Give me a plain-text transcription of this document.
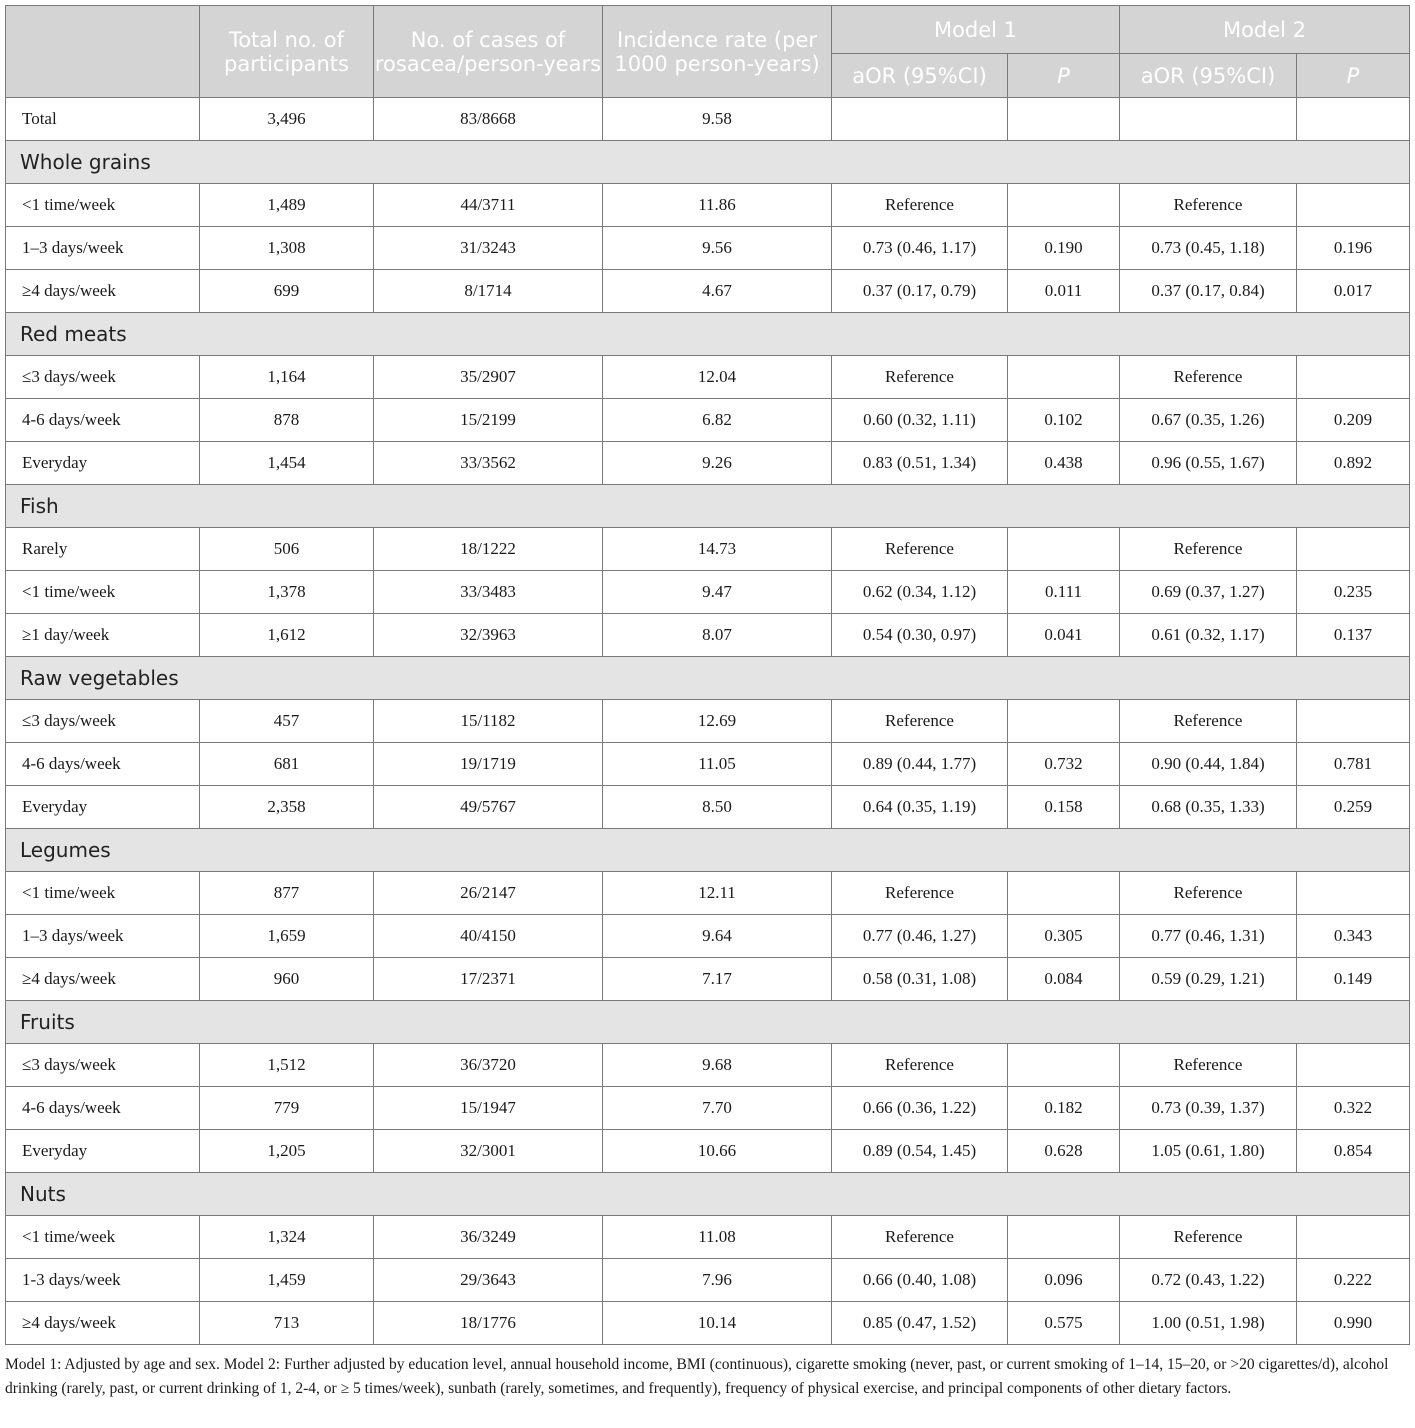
	Total no. of participants	No. of cases of rosacea/person-years	Incidence rate (per 1000 person-years)	Model 1		Model 2	
				aOR (95%CI)	P	aOR (95%CI)	P
Total	3,496	83/8668	9.58				
Whole grains							
<1 time/week	1,489	44/3711	11.86	Reference		Reference	
1–3 days/week	1,308	31/3243	9.56	0.73 (0.46, 1.17)	0.190	0.73 (0.45, 1.18)	0.196
≥4 days/week	699	8/1714	4.67	0.37 (0.17, 0.79)	0.011	0.37 (0.17, 0.84)	0.017
Red meats							
≤3 days/week	1,164	35/2907	12.04	Reference		Reference	
4-6 days/week	878	15/2199	6.82	0.60 (0.32, 1.11)	0.102	0.67 (0.35, 1.26)	0.209
Everyday	1,454	33/3562	9.26	0.83 (0.51, 1.34)	0.438	0.96 (0.55, 1.67)	0.892
Fish							
Rarely	506	18/1222	14.73	Reference		Reference	
<1 time/week	1,378	33/3483	9.47	0.62 (0.34, 1.12)	0.111	0.69 (0.37, 1.27)	0.235
≥1 day/week	1,612	32/3963	8.07	0.54 (0.30, 0.97)	0.041	0.61 (0.32, 1.17)	0.137
Raw vegetables							
≤3 days/week	457	15/1182	12.69	Reference		Reference	
4-6 days/week	681	19/1719	11.05	0.89 (0.44, 1.77)	0.732	0.90 (0.44, 1.84)	0.781
Everyday	2,358	49/5767	8.50	0.64 (0.35, 1.19)	0.158	0.68 (0.35, 1.33)	0.259
Legumes							
<1 time/week	877	26/2147	12.11	Reference		Reference	
1–3 days/week	1,659	40/4150	9.64	0.77 (0.46, 1.27)	0.305	0.77 (0.46, 1.31)	0.343
≥4 days/week	960	17/2371	7.17	0.58 (0.31, 1.08)	0.084	0.59 (0.29, 1.21)	0.149
Fruits							
≤3 days/week	1,512	36/3720	9.68	Reference		Reference	
4-6 days/week	779	15/1947	7.70	0.66 (0.36, 1.22)	0.182	0.73 (0.39, 1.37)	0.322
Everyday	1,205	32/3001	10.66	0.89 (0.54, 1.45)	0.628	1.05 (0.61, 1.80)	0.854
Nuts							
<1 time/week	1,324	36/3249	11.08	Reference		Reference	
1-3 days/week	1,459	29/3643	7.96	0.66 (0.40, 1.08)	0.096	0.72 (0.43, 1.22)	0.222
≥4 days/week	713	18/1776	10.14	0.85 (0.47, 1.52)	0.575	1.00 (0.51, 1.98)	0.990
Model 1: Adjusted by age and sex. Model 2: Further adjusted by education level, annual household income, BMI (continuous), cigarette smoking (never, past, or current smoking of 1–14, 15–20, or >20 cigarettes/d), alcohol drinking (rarely, past, or current drinking of 1, 2-4, or ≥ 5 times/week), sunbath (rarely, sometimes, and frequently), frequency of physical exercise, and principal components of other dietary factors.
